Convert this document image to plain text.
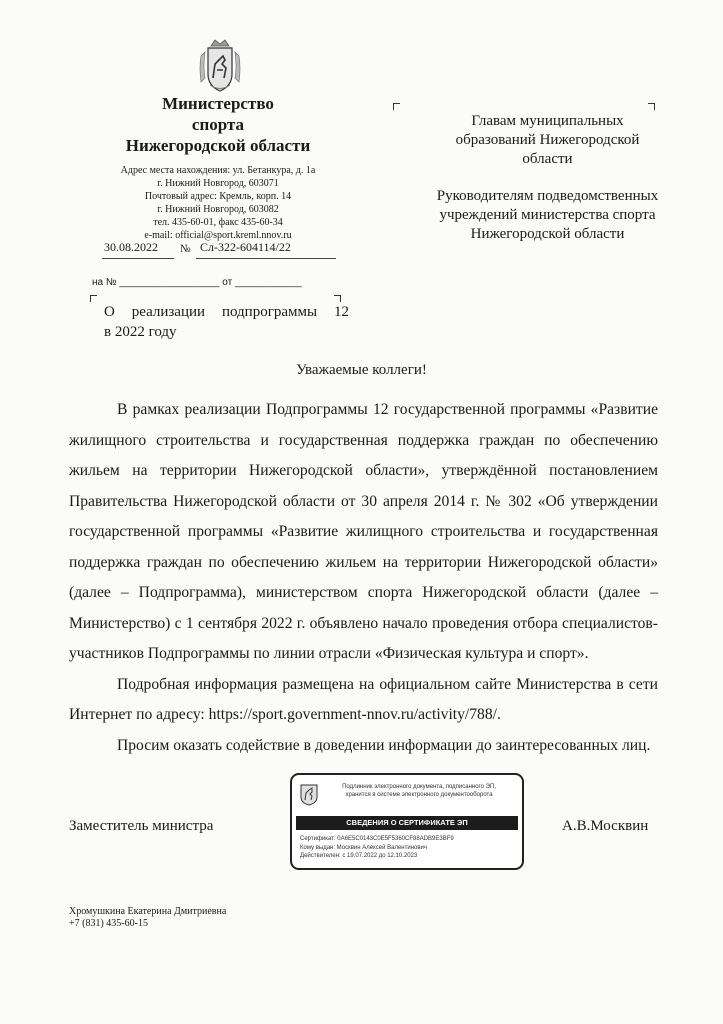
Министерство
спорта
Нижегородской области
Адрес места нахождения: ул. Бетанкура, д. 1а
г. Нижний Новгород, 603071
Почтовый адрес: Кремль, корп. 14
г. Нижний Новгород, 603082
тел. 435-60-01, факс 435-60-34
e-mail: official@sport.kreml.nnov.ru
30.08.2022 № Сл-322-604114/22
на № __________________ от ____________
О реализации подпрограммы 12
в 2022 году
Главам муниципальных
образований Нижегородской
области
Руководителям подведомственных
учреждений министерства спорта
Нижегородской области
Уважаемые коллеги!

В рамках реализации Подпрограммы 12 государственной программы «Развитие жилищного строительства и государственная поддержка граждан по обеспечению жильем на территории Нижегородской области», утверждённой постановлением Правительства Нижегородской области от 30 апреля 2014 г. № 302 «Об утверждении государственной программы «Развитие жилищного строительства и государственная поддержка граждан по обеспечению жильем на территории Нижегородской области» (далее – Подпрограмма), министерством спорта Нижегородской области (далее – Министерство) с 1 сентября 2022 г. объявлено начало проведения отбора специалистов-участников Подпрограммы по линии отрасли «Физическая культура и спорт».

Подробная информация размещена на официальном сайте Министерства в сети Интернет по адресу: https://sport.government-nnov.ru/activity/788/.

Просим оказать содействие в доведении информации до заинтересованных лиц.

Заместитель министра	А.В.Москвин
Подлинник электронного документа, подписанного ЭП,
хранится в системе электронного документооборота
СВЕДЕНИЯ О СЕРТИФИКАТЕ ЭП
Сертификат: 0A6E5C0143C0E5F5360CF88ADB9E3BF9
Кому выдан: Москвин Алексей Валентинович
Действителен: с 19.07.2022 до 12.10.2023
Хромушкина Екатерина Дмитриевна
+7 (831) 435-60-15
